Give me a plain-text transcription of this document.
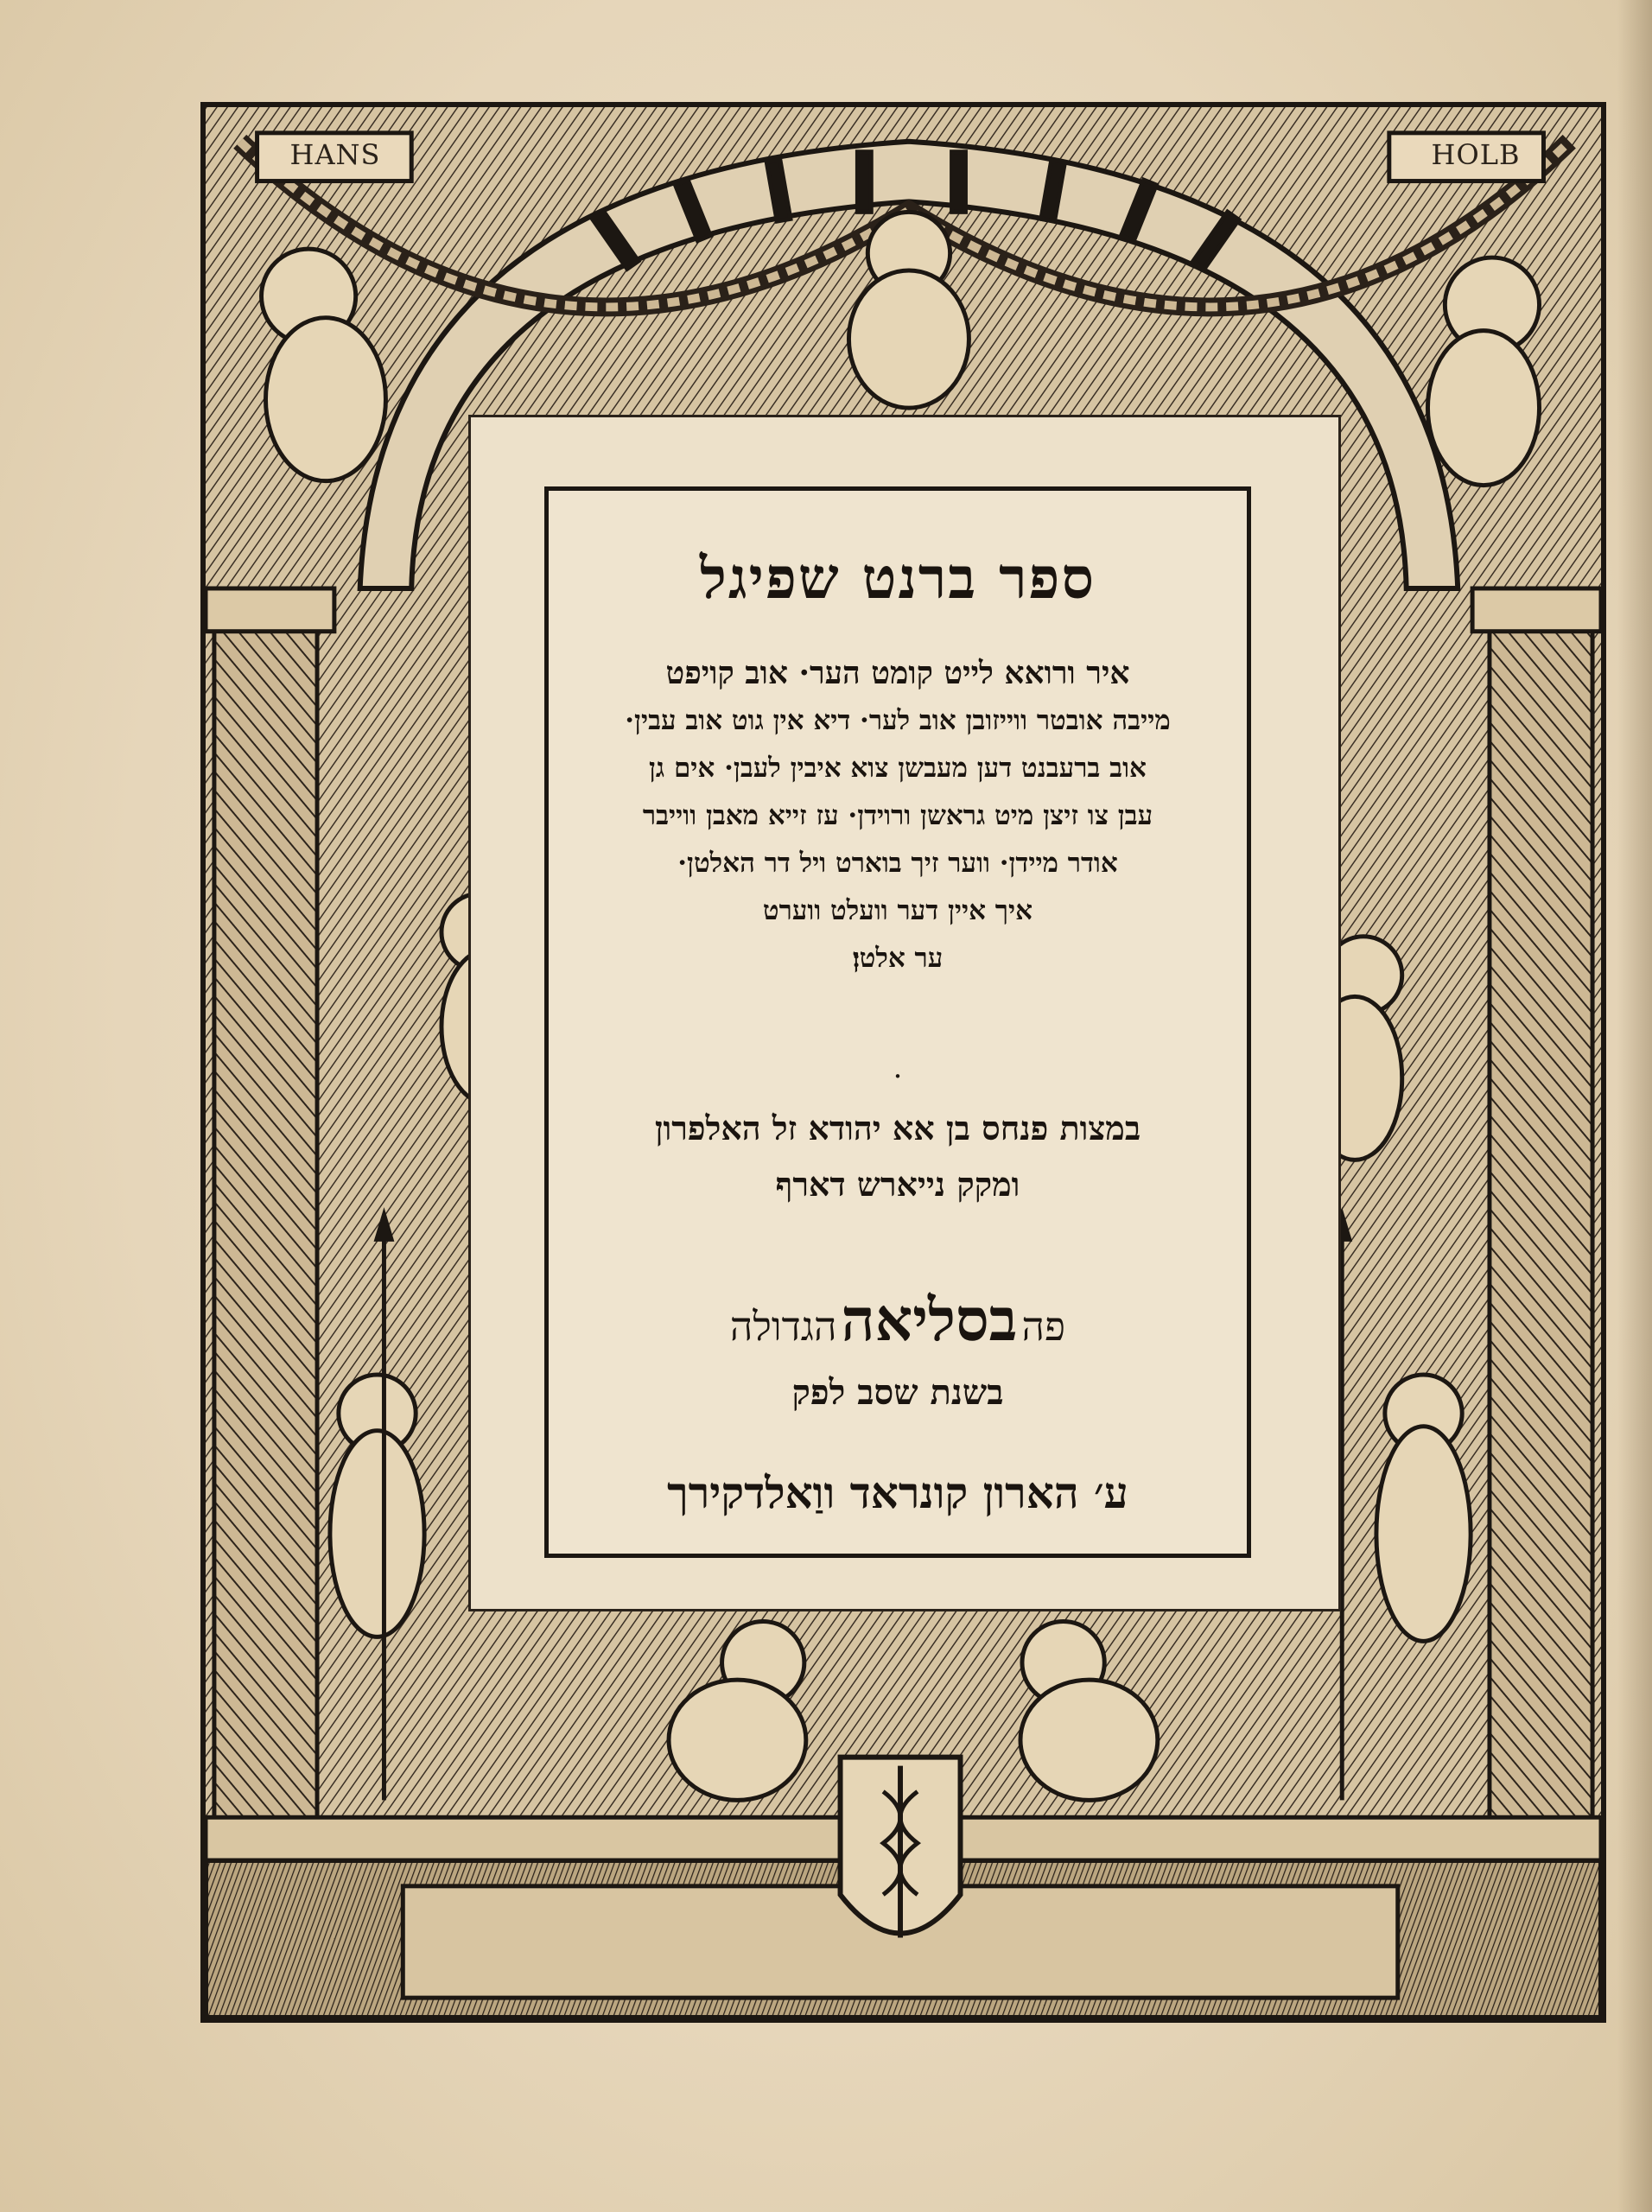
HANS	HOLB
ספר ברנט שפיגל
איר ורואא לייט קומט הער· אוב קויפט
מייבה אובטר ווייזובן אוב לער· דיא אין גוט אוב עבין·
אוב ברעבנט דען מעבשן צוא איבין לעבן· אים גן
עבן צו זיצן מיט גראשן ורוידן· עז זייא מאבן ווייבר
אודר מיידן· ווער זיך בוארט ויל דר האלטן·
איך איין דער וועלט ווערט
ער אלטן׃
·
במצות פנחס בן אא יהודא זל האלפרון
ומקק נייארש דארף
פה בסליאה הגדולה
בשנת שסב לפק
ע׳ הארון קונראד ווַאלדקירך
